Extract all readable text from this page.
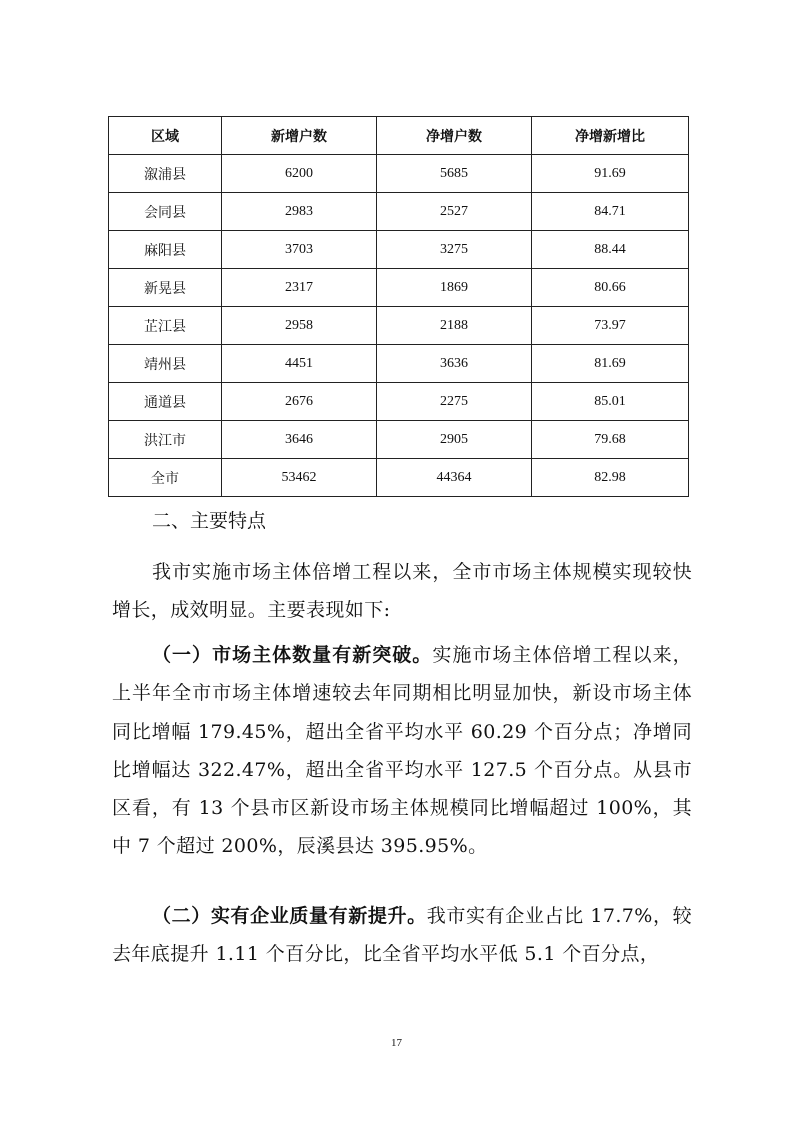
区域	新增户数	净增户数	净增新增比
溆浦县	6200	5685	91.69
会同县	2983	2527	84.71
麻阳县	3703	3275	88.44
新晃县	2317	1869	80.66
芷江县	2958	2188	73.97
靖州县	4451	3636	81.69
通道县	2676	2275	85.01
洪江市	3646	2905	79.68
全市	53462	44364	82.98
二、主要特点

我市实施市场主体倍增工程以来，全市市场主体规模实现较快增长，成效明显。主要表现如下:

（一）市场主体数量有新突破。实施市场主体倍增工程以来，上半年全市市场主体增速较去年同期相比明显加快，新设市场主体同比增幅 179.45%，超出全省平均水平 60.29 个百分点；净增同比增幅达 322.47%，超出全省平均水平 127.5 个百分点。从县市区看，有 13 个县市区新设市场主体规模同比增幅超过 100%，其中 7 个超过 200%，辰溪县达 395.95%。

（二）实有企业质量有新提升。我市实有企业占比 17.7%，较去年底提升 1.11 个百分比，比全省平均水平低 5.1 个百分点，

17
